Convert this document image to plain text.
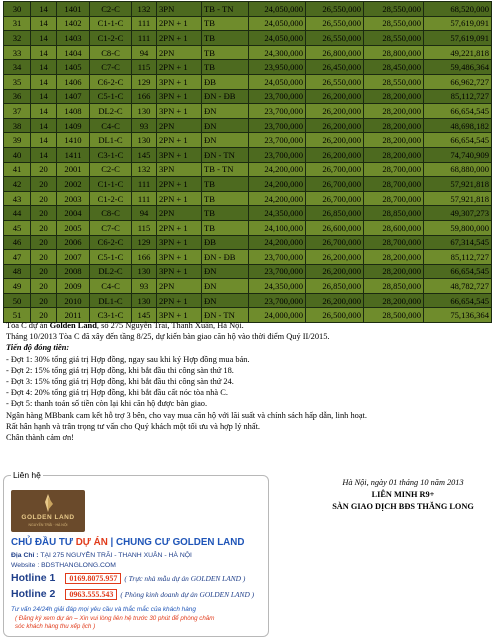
30	14	1401	C2-C	132	3PN	TB - TN	24,050,000	26,550,000	28,550,000	68,520,000
31	14	1402	C1-1-C	111	2PN + 1	TB	24,050,000	26,550,000	28,550,000	57,619,091
32	14	1403	C1-2-C	111	2PN + 1	TB	24,050,000	26,550,000	28,550,000	57,619,091
33	14	1404	C8-C	94	2PN	TB	24,300,000	26,800,000	28,800,000	49,221,818
34	14	1405	C7-C	115	2PN + 1	TB	23,950,000	26,450,000	28,450,000	59,486,364
35	14	1406	C6-2-C	129	3PN + 1	ĐB	24,050,000	26,550,000	28,550,000	66,962,727
36	14	1407	C5-1-C	166	3PN + 1	ĐN - ĐB	23,700,000	26,200,000	28,200,000	85,112,727
37	14	1408	DL2-C	130	3PN + 1	ĐN	23,700,000	26,200,000	28,200,000	66,654,545
38	14	1409	C4-C	93	2PN	ĐN	23,700,000	26,200,000	28,200,000	48,698,182
39	14	1410	DL1-C	130	2PN + 1	ĐN	23,700,000	26,200,000	28,200,000	66,654,545
40	14	1411	C3-1-C	145	3PN + 1	ĐN - TN	23,700,000	26,200,000	28,200,000	74,740,909
41	20	2001	C2-C	132	3PN	TB - TN	24,200,000	26,700,000	28,700,000	68,880,000
42	20	2002	C1-1-C	111	2PN + 1	TB	24,200,000	26,700,000	28,700,000	57,921,818
43	20	2003	C1-2-C	111	2PN + 1	TB	24,200,000	26,700,000	28,700,000	57,921,818
44	20	2004	C8-C	94	2PN	TB	24,350,000	26,850,000	28,850,000	49,307,273
45	20	2005	C7-C	115	2PN + 1	TB	24,100,000	26,600,000	28,600,000	59,800,000
46	20	2006	C6-2-C	129	3PN + 1	ĐB	24,200,000	26,700,000	28,700,000	67,314,545
47	20	2007	C5-1-C	166	3PN + 1	ĐN - ĐB	23,700,000	26,200,000	28,200,000	85,112,727
48	20	2008	DL2-C	130	3PN + 1	ĐN	23,700,000	26,200,000	28,200,000	66,654,545
49	20	2009	C4-C	93	2PN	ĐN	24,350,000	26,850,000	28,850,000	48,782,727
50	20	2010	DL1-C	130	2PN + 1	ĐN	23,700,000	26,200,000	28,200,000	66,654,545
51	20	2011	C3-1-C	145	3PN + 1	ĐN - TN	24,000,000	26,500,000	28,500,000	75,136,364

Tòa C dự án Golden Land, số 275 Nguyễn Trãi, Thanh Xuân, Hà Nội.

Tháng 10/2013 Tòa C đã xây đến tầng 8/25, dự kiến bàn giao căn hộ vào thời điểm Quý II/2015.

Tiến độ đóng tiền:

- Đợt 1: 30% tổng giá trị Hợp đồng, ngay sau khi ký Hợp đồng mua bán.

- Đợt 2: 15% tổng giá trị Hợp đồng, khi bắt đầu thi công sàn thứ 18.

- Đợt 3: 15% tổng giá trị Hợp đồng, khi bắt đầu thi công sàn thứ 24.

- Đợt 4: 20% tổng giá trị Hợp đồng, khi bắt đầu cất nóc tòa nhà C.

- Đợt 5: thanh toán số tiền còn lại khi căn hộ được bàn giao.

Ngân hàng MBbank cam kết hỗ trợ 3 bên, cho vay mua căn hộ với lãi suất và chính sách hấp dẫn, linh hoạt.

Rất hân hạnh và trân trọng tư vấn cho Quý khách một tối ưu và hợp lý nhất.

Chân thành cảm ơn!

Liên hệ
GOLDEN LAND
NGUYỄN TRÃI · HÀ NỘI
CHỦ ĐẦU TƯ DỰ ÁN | CHUNG CƯ GOLDEN LAND
Địa Chỉ : TẠI 275 NGUYỄN TRÃI - THANH XUÂN - HÀ NỘI
Website : BDSTHANGLONG.COM
Hotline 1 0169.8075.957 ( Trực nhà mẫu dự án GOLDEN LAND )
Hotline 2 0963.555.543 ( Phòng kinh doanh dự án GOLDEN LAND )
Tư vấn 24/24h giải đáp mọi yêu cầu và thắc mắc của khách hàng
( Đăng ký xem dự án – Xin vui lòng liên hệ trước 30 phút để phòng chăm sóc khách hàng thu xếp lịch )
Hà Nội, ngày 01 tháng 10 năm 2013
LIÊN MINH R9+
SÀN GIAO DỊCH BĐS THĂNG LONG
